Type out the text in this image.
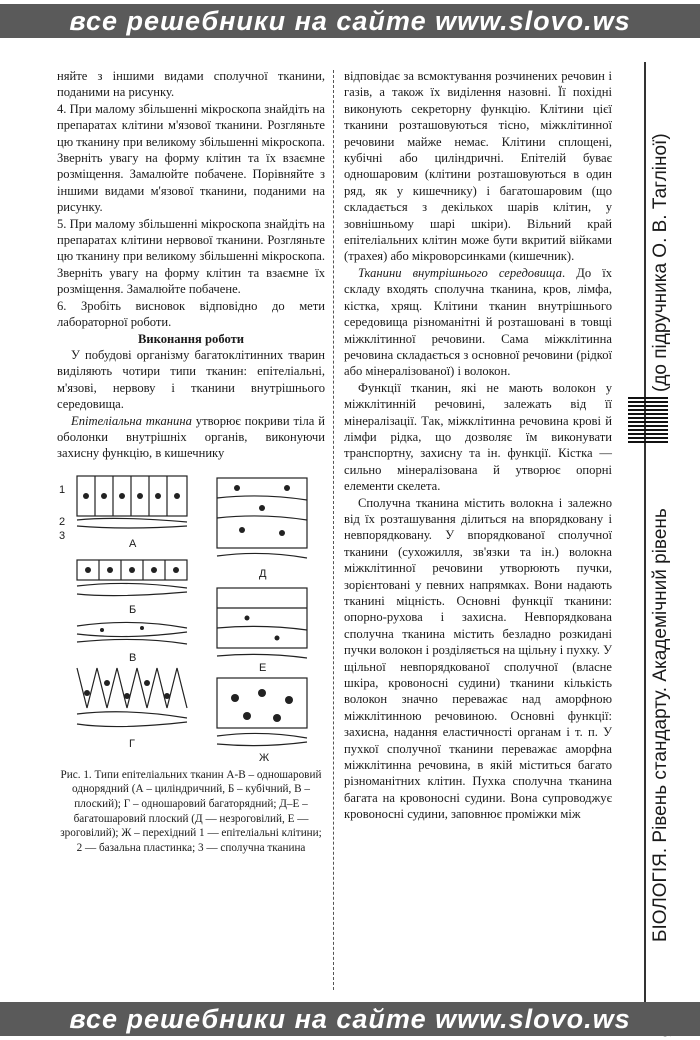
все решебники на сайте www.slovo.ws

няйте з іншими видами сполучної тканини, поданими на рисунку.

4. При малому збільшенні мікроскопа знайдіть на препаратах клітини м'язової тканини. Розгляньте цю тканину при великому збільшенні мікроскопа. Зверніть увагу на форму клітин та їх взаємне розміщення. Замалюйте побачене. Порівняйте з іншими видами м'язової тканини, поданими на рисунку.

5. При малому збільшенні мікроскопа знайдіть на препаратах клітини нервової тканини. Розгляньте цю тканину при великому збільшенні мікроскопа. Зверніть увагу на форму клітин та взаємне їх розміщення. Замалюйте побачене.

6. Зробіть висновок відповідно до мети лабораторної роботи.

Виконання роботи

У побудові організму багатоклітинних тварин виділяють чотири типи тканин: епітеліальні, м'язові, нервову і тканини внутрішнього середовища.

Епітеліальна тканина утворює покриви тіла й оболонки внутрішніх органів, виконуючи захисну функцію, в кишечнику

1
2
3
А
Б
В
Г
Д
Е
Ж

Рис. 1. Типи епітеліальних тканин А-В – одношаровий однорядний (А – циліндричний, Б – кубічний, В – плоский); Г – одношаровий багаторядний; Д–Е – багатошаровий плоский (Д — незроговілий, Е — зроговілий); Ж – перехідний 1 — епітеліальні клітини; 2 — базальна пластинка; 3 — сполучна тканина

відповідає за всмоктування розчинених речовин і газів, а також їх виділення назовні. Її похідні виконують секреторну функцію. Клітини цієї тканини розташовуються тісно, міжклітинної речовини майже немає. Клітини сплощені, кубічні або циліндричні. Епітелій буває одношаровим (клітини розташовуються в один ряд, як у кишечнику) і багатошаровим (що складається з декількох шарів клітин, у зовнішньому шарі шкіри). Вільний край епітеліальних клітин може бути вкритий війками (трахея) або мікроворсинками (кишечник).

Тканини внутрішнього середовища. До їх складу входять сполучна тканина, кров, лімфа, кістка, хрящ. Клітини тканин внутрішнього середовища різноманітні й розташовані в товщі міжклітинної речовини. Сама міжклітинна речовина складається з основної речовини (рідкої або мінералізованої) і волокон.

Функції тканин, які не мають волокон у міжклітинній речовині, залежать від її мінералізації. Так, міжклітинна речовина крові й лімфи рідка, що дозволяє їм виконувати транспортну, захисну та ін. функції. Кістка — сильно мінералізована й утворює опорні елементи скелета.

Сполучна тканина містить волокна і залежно від їх розташування ділиться на впорядковану і невпорядковану. У впорядкованої сполучної тканини (сухожилля, зв'язки та ін.) волокна міжклітинної речовини утворюють пучки, зорієнтовані у певних напрямках. Вони надають тканині міцність. Основні функції тканини: опорно-рухова і захисна. Невпорядкована сполучна тканина містить безладно розкидані пучки волокон і розділяється на щільну і пухку. У щільної невпорядкованої сполучної (власне шкіра, кровоносні судини) тканини кількість волокон значно переважає над аморфною міжклітинною речовиною. Основні функції: захисна, надання еластичності органам і т. п. У пухкої сполучної тканини переважає аморфна міжклітинна речовина, в якій міститься багато різноманітних клітин. Пухка сполучна тканина багата на кровоносні судини. Вона супроводжує кровоносні судини, заповнює проміжки між

(до підручника О. В. Тагліної)
БІОЛОГІЯ. Рівень стандарту. Академічний рівень
все решебники на сайте www.slovo.ws
